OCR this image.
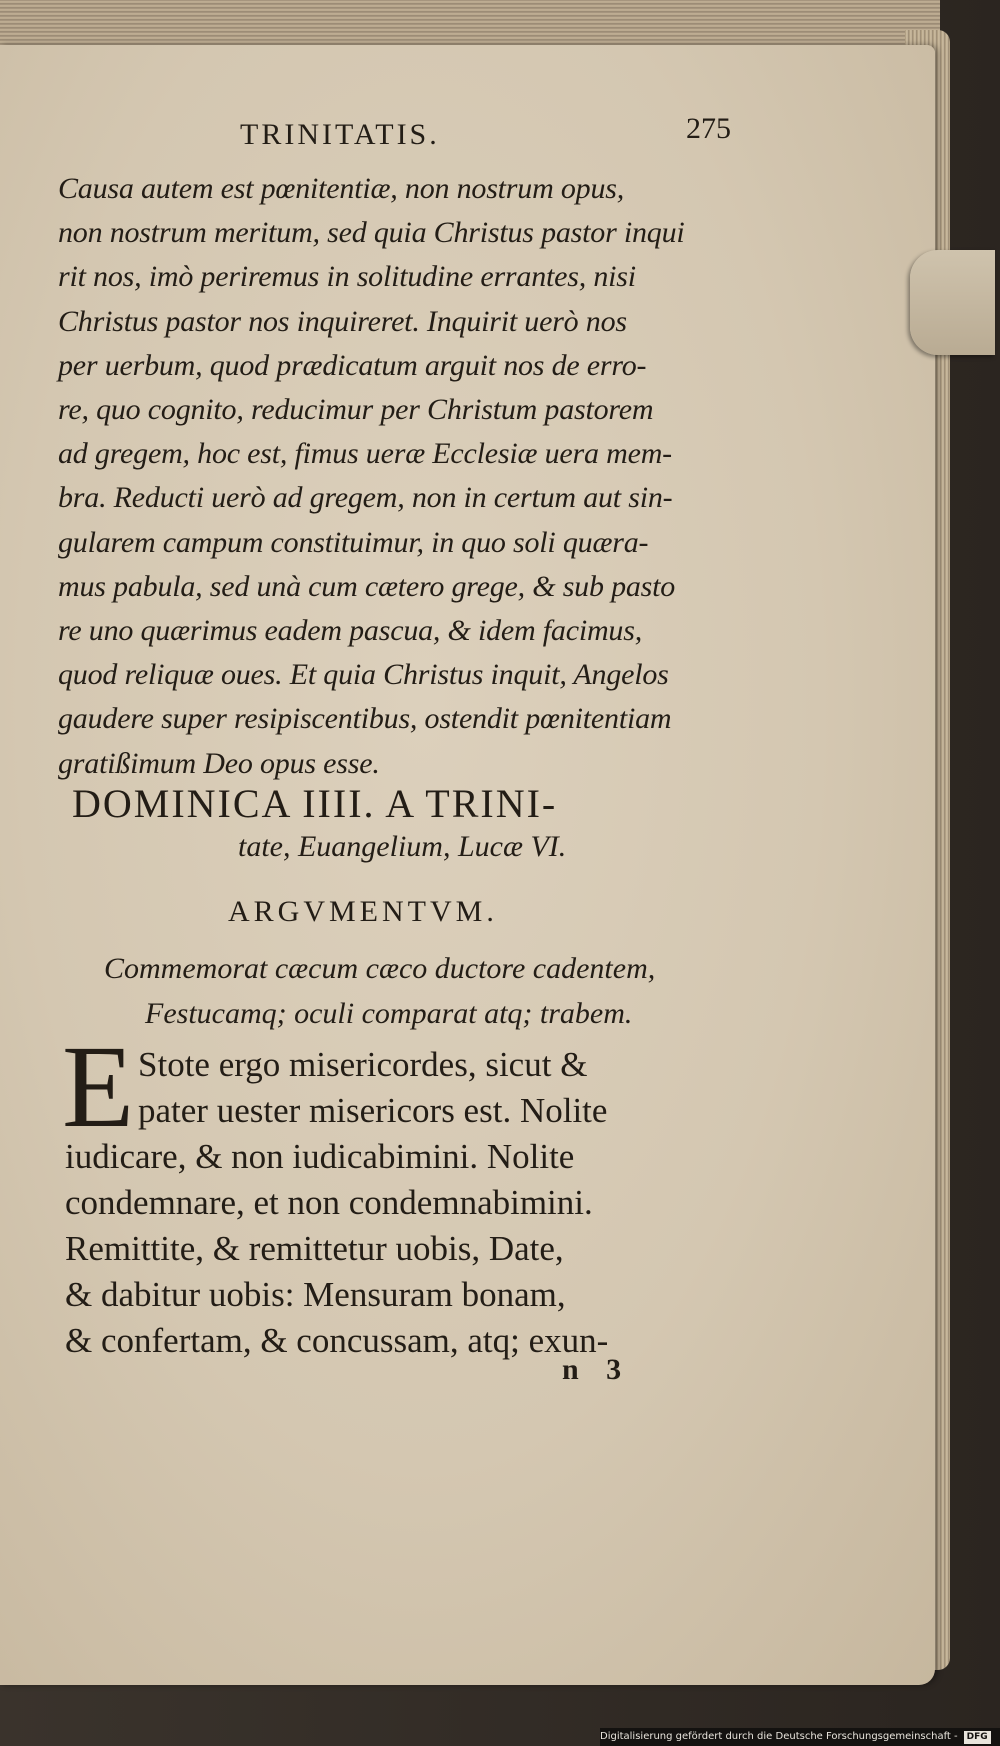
TRINITATIS.	275
Causa autem est pœnitentiæ, non nostrum opus,
non nostrum meritum, sed quia Christus pastor inqui
rit nos, imò periremus in solitudine errantes, nisi
Christus pastor nos inquireret. Inquirit uerò nos
per uerbum, quod prædicatum arguit nos de erro-
re, quo cognito, reducimur per Christum pastorem
ad gregem, hoc est, fimus ueræ Ecclesiæ uera mem-
bra. Reducti uerò ad gregem, non in certum aut sin-
gularem campum constituimur, in quo soli quæra-
mus pabula, sed unà cum cætero grege, & sub pasto
re uno quærimus eadem pascua, & idem facimus,
quod reliquæ oues. Et quia Christus inquit, Angelos
gaudere super resipiscentibus, ostendit pœnitentiam
gratißimum Deo opus esse.
DOMINICA IIII. A TRINI-
tate, Euangelium, Lucæ VI.
ARGVMENTVM.
Commemorat cæcum cæco ductore cadentem,
Festucamq; oculi comparat atq; trabem.
E Stote ergo misericordes, sicut &
pater uester misericors est. Nolite
iudicare, & non iudicabimini. Nolite
condemnare, et non condemnabimini.
Remittite, & remittetur uobis, Date,
& dabitur uobis: Mensuram bonam,
& confertam, & concussam, atq; exun-
n 3
Digitalisierung gefördert durch die Deutsche Forschungsgemeinschaft - DFG
